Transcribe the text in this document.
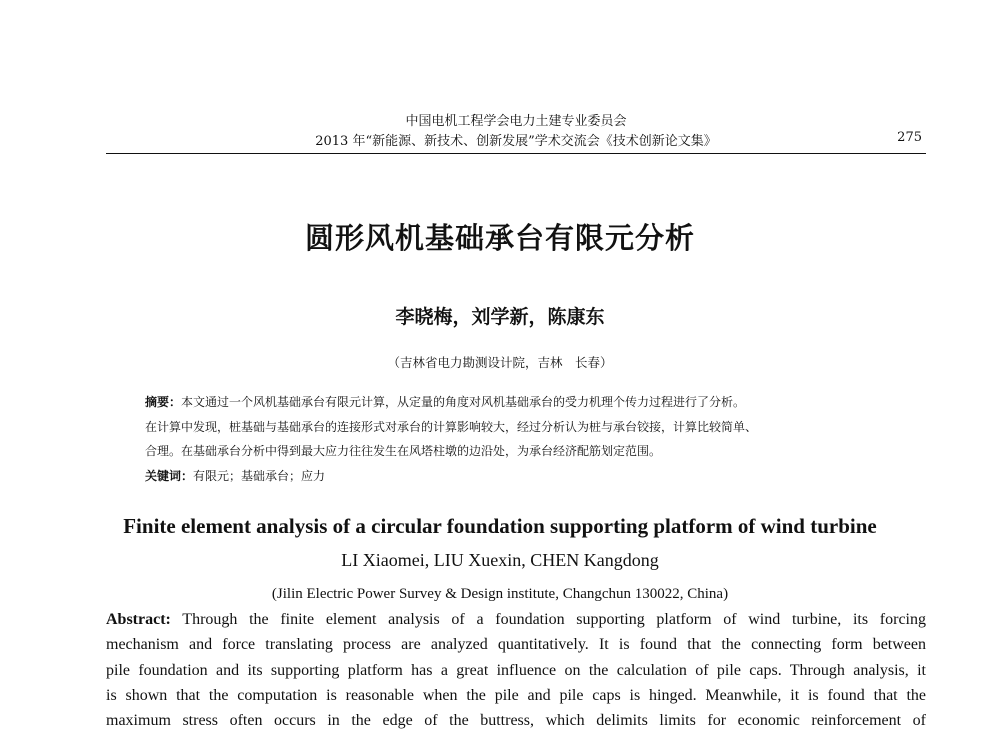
中国电机工程学会电力土建专业委员会
2013 年“新能源、新技术、创新发展”学术交流会《技术创新论文集》	275
圆形风机基础承台有限元分析
李晓梅，刘学新，陈康东
（吉林省电力勘测设计院，吉林　长春）
摘要：本文通过一个风机基础承台有限元计算，从定量的角度对风机基础承台的受力机理个传力过程进行了分析。
在计算中发现，桩基础与基础承台的连接形式对承台的计算影响较大，经过分析认为桩与承台铰接，计算比较简单、
合理。在基础承台分析中得到最大应力往往发生在风塔柱墩的边沿处，为承台经济配筋划定范围。
关键词：有限元；基础承台；应力
Finite element analysis of a circular foundation supporting platform of wind turbine
LI Xiaomei, LIU Xuexin, CHEN Kangdong
(Jilin Electric Power Survey & Design institute, Changchun 130022, China)
Abstract: Through the finite element analysis of a foundation supporting platform of wind turbine, its forcing
mechanism and force translating process are analyzed quantitatively. It is found that the connecting form between
pile foundation and its supporting platform has a great influence on the calculation of pile caps. Through analysis, it
is shown that the computation is reasonable when the pile and pile caps is hinged. Meanwhile, it is found that the
maximum stress often occurs in the edge of the buttress, which delimits limits for economic reinforcement of
